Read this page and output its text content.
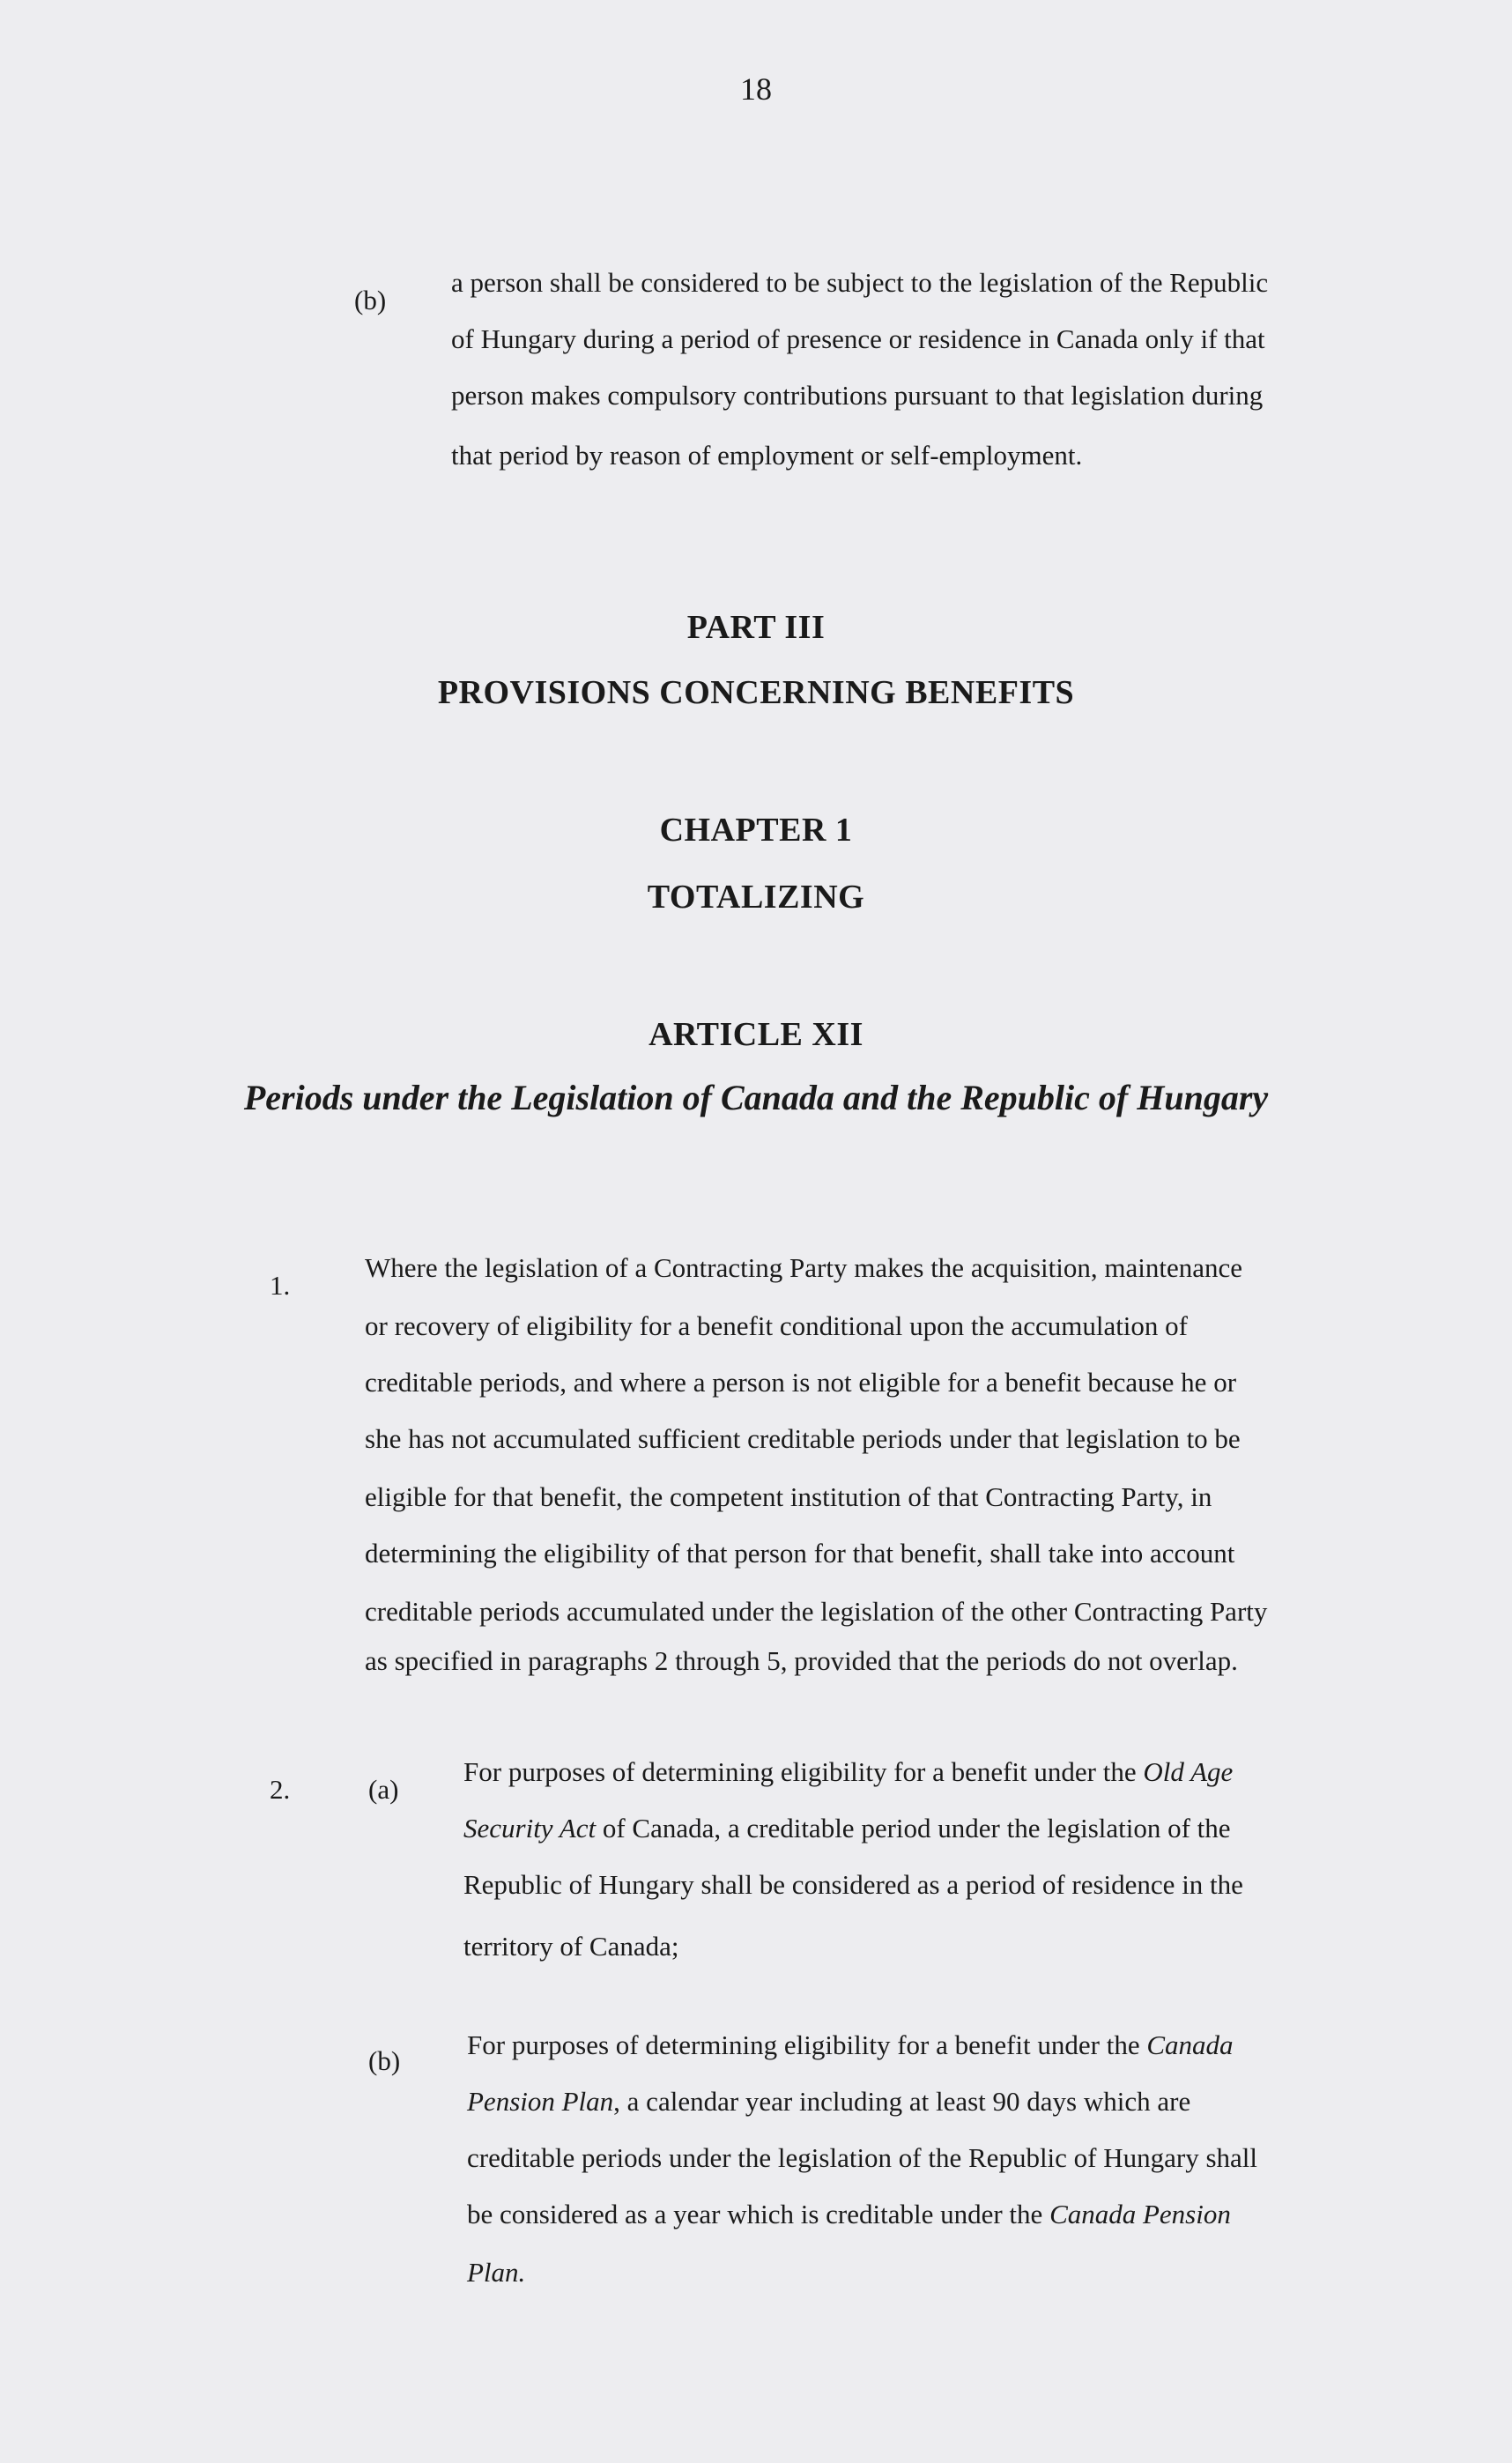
18
(b)
a person shall be considered to be subject to the legislation of the Republic
of Hungary during a period of presence or residence in Canada only if that
person makes compulsory contributions pursuant to that legislation during
that period by reason of employment or self-employment.
PART III
PROVISIONS CONCERNING BENEFITS
CHAPTER 1
TOTALIZING
ARTICLE XII
Periods under the Legislation of Canada and the Republic of Hungary
1.
Where the legislation of a Contracting Party makes the acquisition, maintenance
or recovery of eligibility for a benefit conditional upon the accumulation of
creditable periods, and where a person is not eligible for a benefit because he or
she has not accumulated sufficient creditable periods under that legislation to be
eligible for that benefit, the competent institution of that Contracting Party, in
determining the eligibility of that person for that benefit, shall take into account
creditable periods accumulated under the legislation of the other Contracting Party
as specified in paragraphs 2 through 5, provided that the periods do not overlap.
2.	(a)
For purposes of determining eligibility for a benefit under the Old Age
Security Act of Canada, a creditable period under the legislation of the
Republic of Hungary shall be considered as a period of residence in the
territory of Canada;
(b)
For purposes of determining eligibility for a benefit under the Canada
Pension Plan, a calendar year including at least 90 days which are
creditable periods under the legislation of the Republic of Hungary shall
be considered as a year which is creditable under the Canada Pension
Plan.
